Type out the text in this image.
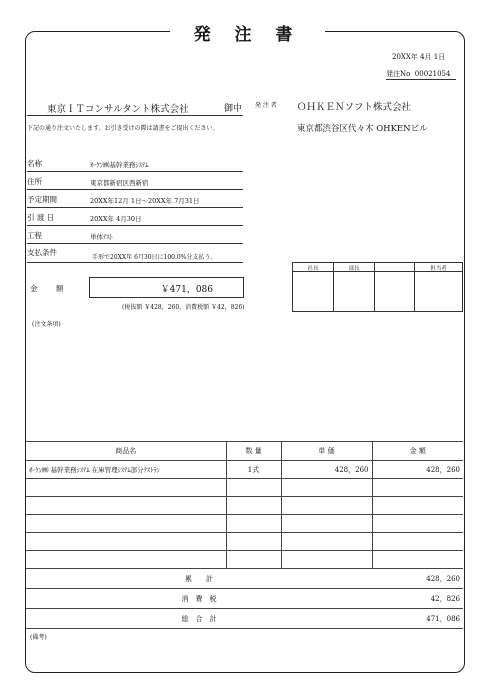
発 注 書
20XX年 4月 1日
発注No 00021054
東京ＩＴコンサルタント株式会社	御中
下記の通り注文いたします。お引き受けの際は請書をご提出ください。
発 注 者 ＯＨＫＥＮソフト株式会社
東京都渋谷区代々木 OHKENビル
名称	ｵｰｹﾝ㈱基幹業務ｼｽﾃﾑ
住所	東京都新宿区西新宿
予定期間	20XX年12月 1日～20XX年 7月31日
引 渡 日	20XX年 4月30日
工程	単体ﾃｽﾄ
支払条件
手形で20XX年 6月30日に100.0%分支払う。
金 額	￥471，086
(税抜額 ￥428，260、消費税額 ￥42，826)
(注文条項)
社長	部長	担当者
商品名	数 量	単 価	金 額
ｵｰｹﾝ㈱ 基幹業務ｼｽﾃﾑ 在庫管理ｼｽﾃﾑ部分ﾃｽﾄﾗﾝ	1式	428，260	428，260

累　　計			428，260
消　費　税			42，826
総　合　計			471，086

(備考)
